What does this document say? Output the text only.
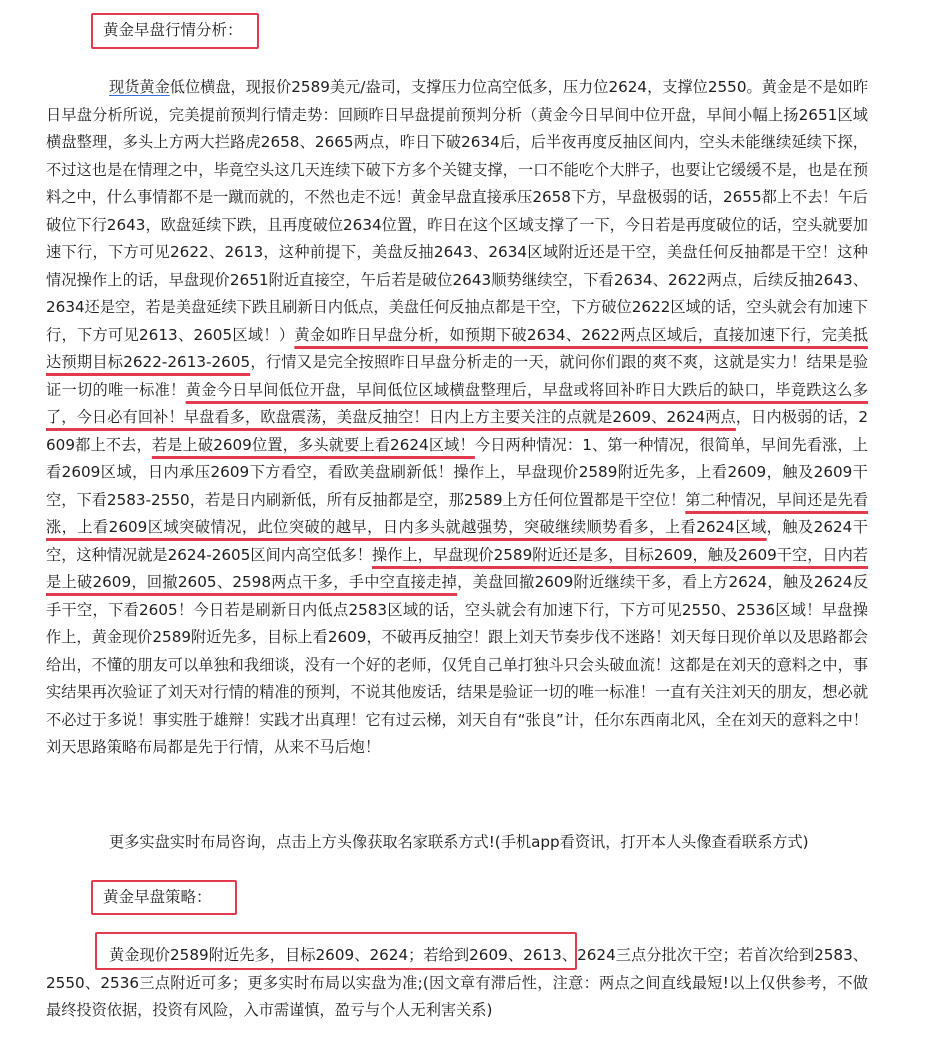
黄金早盘行情分析：

现货黄金低位横盘，现报价2589美元/盎司，支撑压力位高空低多，压力位2624，支撑位2550。黄金是不是如昨日早盘分析所说，完美提前预判行情走势：回顾昨日早盘提前预判分析（黄金今日早间中位开盘，早间小幅上扬2651区域横盘整理，多头上方两大拦路虎2658、2665两点，昨日下破2634后，后半夜再度反抽区间内，空头未能继续延续下探，不过这也是在情理之中，毕竟空头这几天连续下破下方多个关键支撑，一口不能吃个大胖子，也要让它缓缓不是，也是在预料之中，什么事情都不是一蹴而就的，不然也走不远！黄金早盘直接承压2658下方，早盘极弱的话，2655都上不去！午后破位下行2643，欧盘延续下跌，且再度破位2634位置，昨日在这个区域支撑了一下，今日若是再度破位的话，空头就要加速下行，下方可见2622、2613，这种前提下，美盘反抽2643、2634区域附近还是干空，美盘任何反抽都是干空！这种情况操作上的话，早盘现价2651附近直接空，午后若是破位2643顺势继续空，下看2634、2622两点，后续反抽2643、2634还是空，若是美盘延续下跌且刷新日内低点，美盘任何反抽点都是干空，下方破位2622区域的话，空头就会有加速下行，下方可见2613、2605区域！）黄金如昨日早盘分析，如预期下破2634、2622两点区域后，直接加速下行，完美抵达预期目标2622-2613-2605，行情又是完全按照昨日早盘分析走的一天，就问你们跟的爽不爽，这就是实力！结果是验证一切的唯一标准！黄金今日早间低位开盘，早间低位区域横盘整理后，早盘或将回补昨日大跌后的缺口，毕竟跌这么多了，今日必有回补！早盘看多，欧盘震荡，美盘反抽空！日内上方主要关注的点就是2609、2624两点，日内极弱的话，2609都上不去，若是上破2609位置，多头就要上看2624区域！今日两种情况：1、第一种情况，很简单，早间先看涨，上看2609区域，日内承压2609下方看空，看欧美盘刷新低！操作上，早盘现价2589附近先多，上看2609，触及2609干空，下看2583-2550，若是日内刷新低，所有反抽都是空，那2589上方任何位置都是干空位！第二种情况，早间还是先看涨，上看2609区域突破情况，此位突破的越早，日内多头就越强势，突破继续顺势看多，上看2624区域，触及2624干空，这种情况就是2624-2605区间内高空低多！操作上，早盘现价2589附近还是多，目标2609，触及2609干空，日内若是上破2609，回撤2605、2598两点干多，手中空直接走掉，美盘回撤2609附近继续干多，看上方2624，触及2624反手干空，下看2605！今日若是刷新日内低点2583区域的话，空头就会有加速下行，下方可见2550、2536区域！早盘操作上，黄金现价2589附近先多，目标上看2609，不破再反抽空！跟上刘天节奏步伐不迷路！刘天每日现价单以及思路都会给出，不懂的朋友可以单独和我细谈，没有一个好的老师，仅凭自己单打独斗只会头破血流！这都是在刘天的意料之中，事实结果再次验证了刘天对行情的精准的预判，不说其他废话，结果是验证一切的唯一标准！一直有关注刘天的朋友，想必就不必过于多说！事实胜于雄辩！实践才出真理！它有过云梯，刘天自有“张良”计，任尔东西南北风，全在刘天的意料之中！刘天思路策略布局都是先于行情，从来不马后炮！

更多实盘实时布局咨询，点击上方头像获取名家联系方式!(手机app看资讯，打开本人头像查看联系方式)

黄金早盘策略：

黄金现价2589附近先多，目标2609、2624；若给到2609、2613、2624三点分批次干空；若首次给到2583、2550、2536三点附近可多；更多实时布局以实盘为准;(因文章有滞后性，注意：两点之间直线最短!以上仅供参考，不做最终投资依据，投资有风险，入市需谨慎，盈亏与个人无利害关系)
